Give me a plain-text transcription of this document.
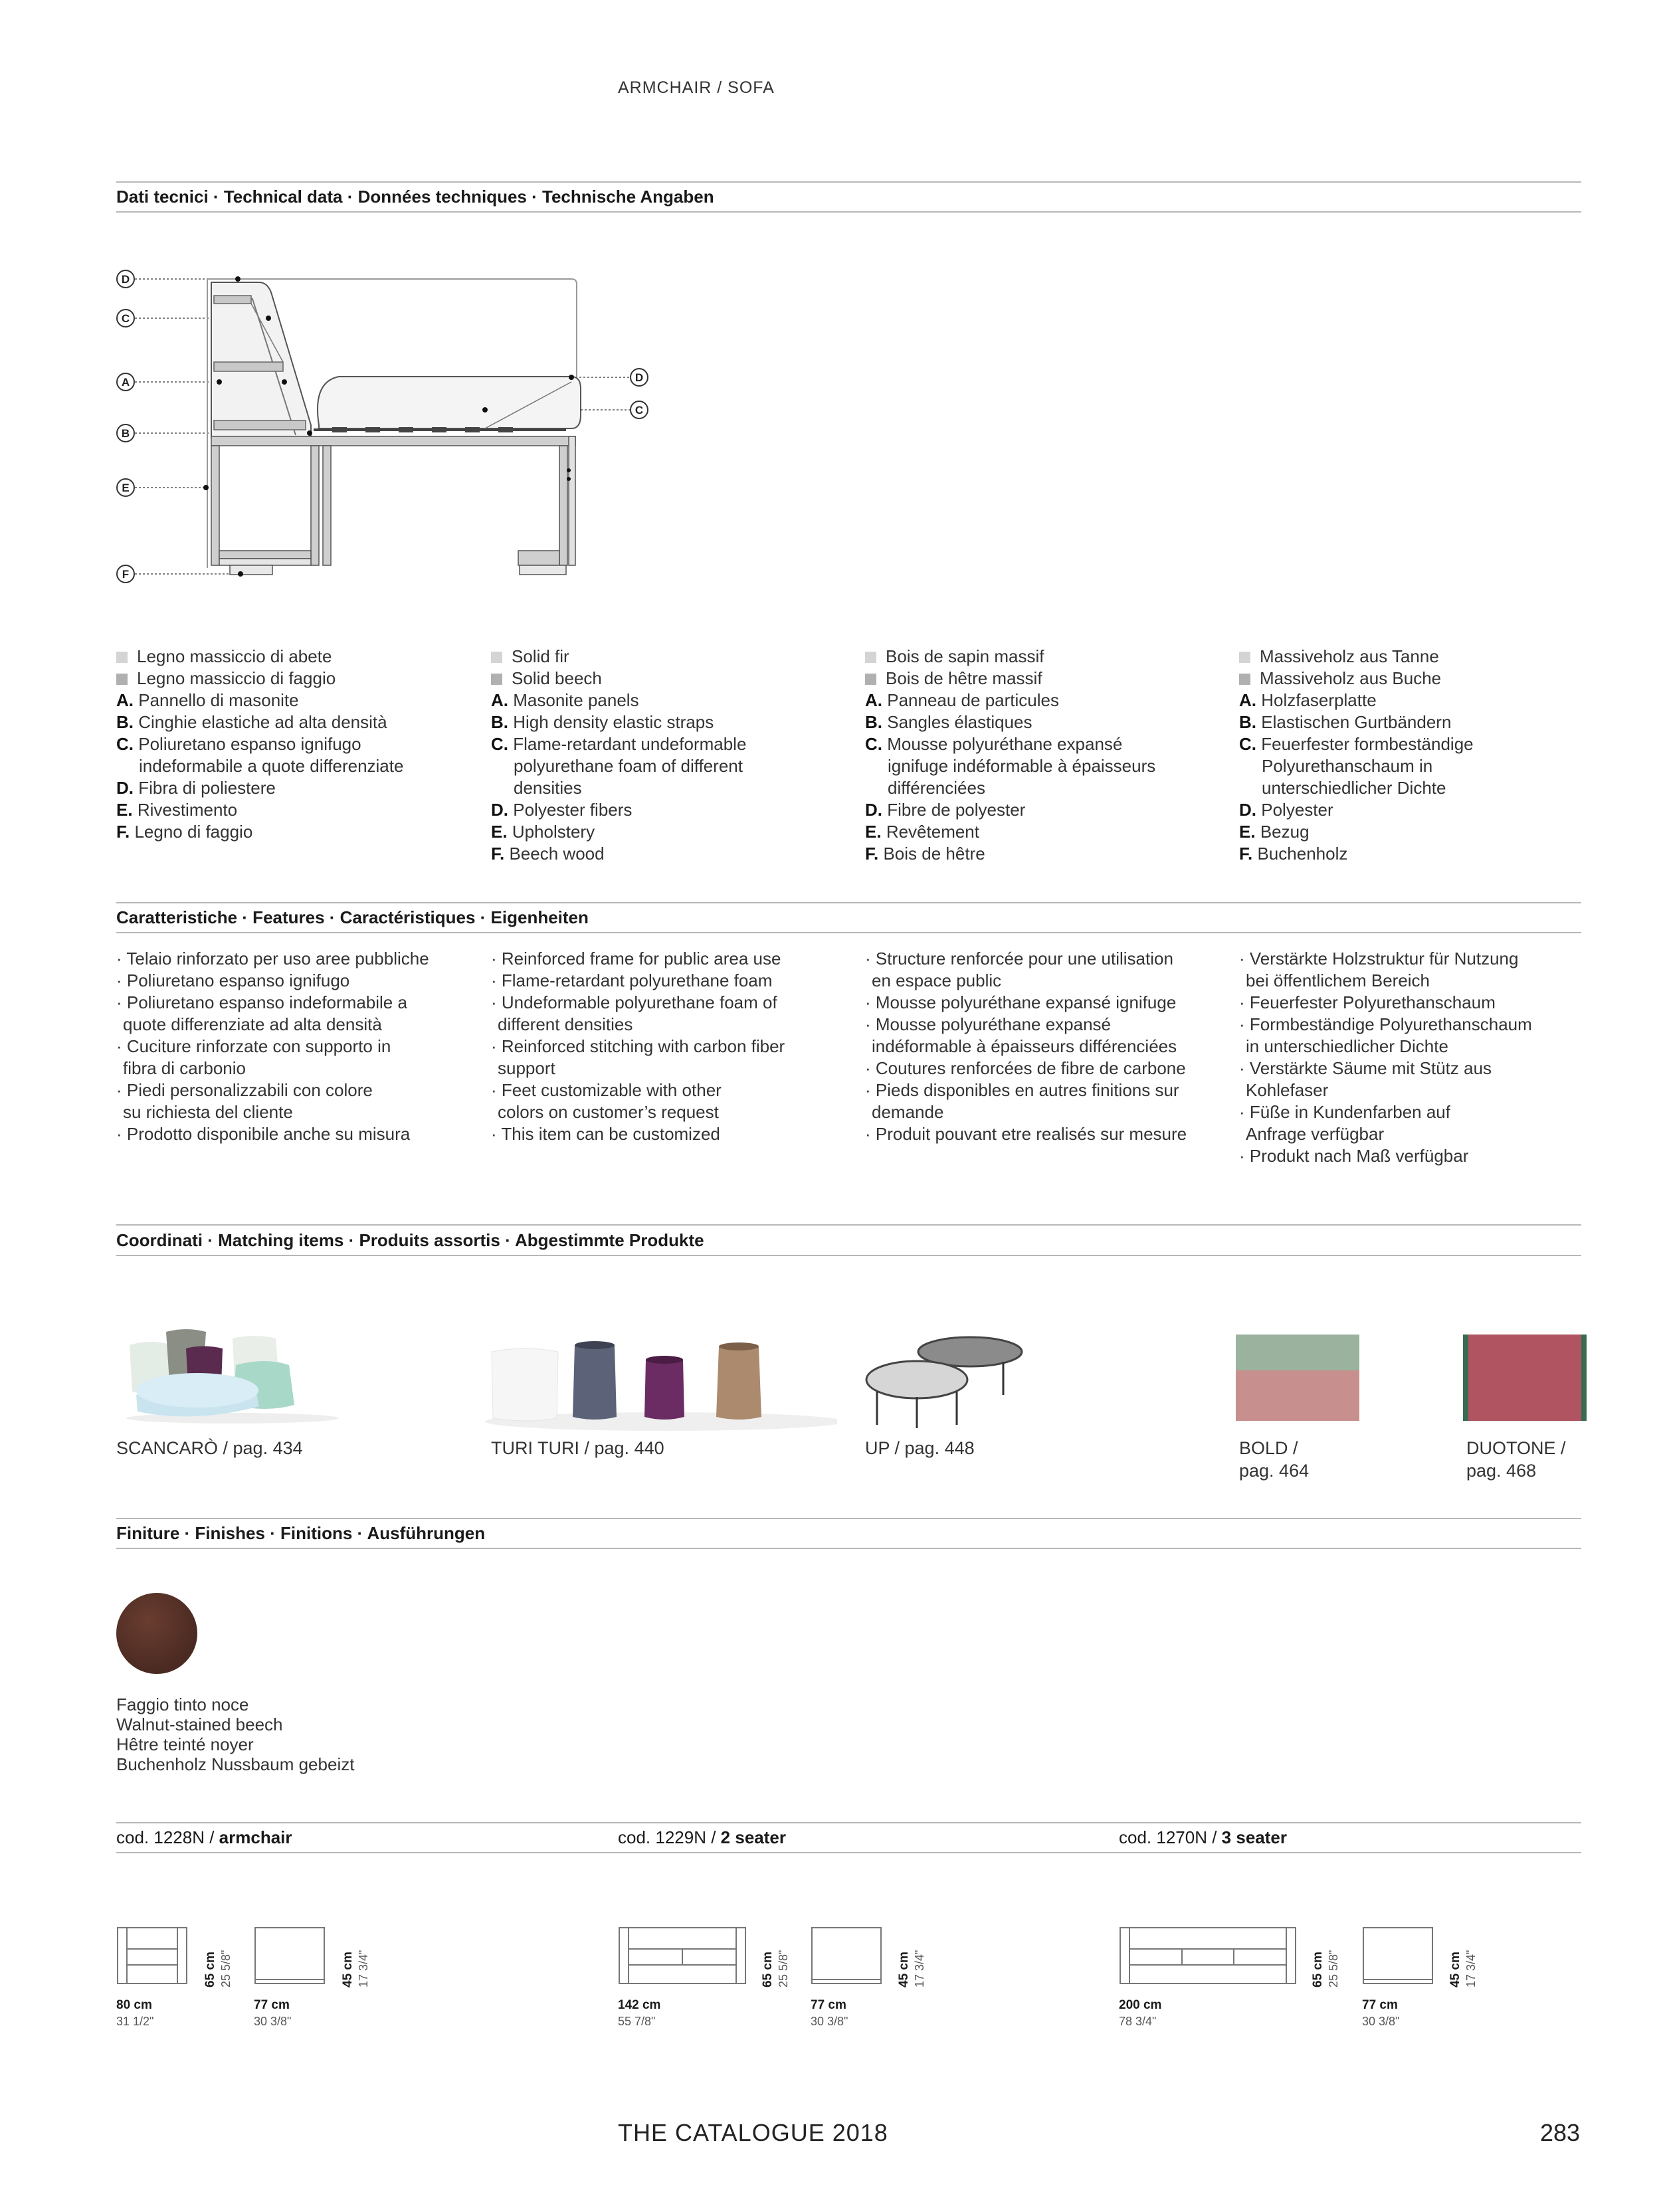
ARMCHAIR / SOFA
Dati tecnici · Technical data · Données techniques · Technische Angaben
D
C
A
B
E
F
D
C
Legno massiccio di abete
Legno massiccio di faggio
A. Pannello di masonite
B. Cinghie elastiche ad alta densità
C. Poliuretano espanso ignifugo
indeformabile a quote differenziate
D. Fibra di poliestere
E. Rivestimento
F. Legno di faggio
Solid fir
Solid beech
A. Masonite panels
B. High density elastic straps
C. Flame-retardant undeformable
polyurethane foam of different
densities
D. Polyester fibers
E. Upholstery
F. Beech wood
Bois de sapin massif
Bois de hêtre massif
A. Panneau de particules
B. Sangles élastiques
C. Mousse polyuréthane expansé
ignifuge indéformable à épaisseurs
différenciées
D. Fibre de polyester
E. Revêtement
F. Bois de hêtre
Massiveholz aus Tanne
Massiveholz aus Buche
A. Holzfaserplatte
B. Elastischen Gurtbändern
C. Feuerfester formbeständige
Polyurethanschaum in
unterschiedlicher Dichte
D. Polyester
E. Bezug
F. Buchenholz
Caratteristiche · Features · Caractéristiques · Eigenheiten
· Telaio rinforzato per uso aree pubbliche
· Poliuretano espanso ignifugo
· Poliuretano espanso indeformabile a
quote differenziate ad alta densità
· Cuciture rinforzate con supporto in
fibra di carbonio
· Piedi personalizzabili con colore
su richiesta del cliente
· Prodotto disponibile anche su misura
· Reinforced frame for public area use
· Flame-retardant polyurethane foam
· Undeformable polyurethane foam of
different densities
· Reinforced stitching with carbon fiber
support
· Feet customizable with other
colors on customer’s request
· This item can be customized
· Structure renforcée pour une utilisation
en espace public
· Mousse polyuréthane expansé ignifuge
· Mousse polyuréthane expansé
indéformable à épaisseurs différenciées
· Coutures renforcées de fibre de carbone
· Pieds disponibles en autres finitions sur
demande
· Produit pouvant etre realisés sur mesure
· Verstärkte Holzstruktur für Nutzung
bei öffentlichem Bereich
· Feuerfester Polyurethanschaum
· Formbeständige Polyurethanschaum
in unterschiedlicher Dichte
· Verstärkte Säume mit Stütz aus
Kohlefaser
· Füße in Kundenfarben auf
Anfrage verfügbar
· Produkt nach Maß verfügbar
Coordinati · Matching items · Produits assortis · Abgestimmte Produkte
SCANCARÒ / pag. 434	TURI TURI / pag. 440	UP / pag. 448	BOLD /
pag. 464
DUOTONE /
pag. 468
Finiture · Finishes · Finitions · Ausführungen
Faggio tinto noce
Walnut-stained beech
Hêtre teinté noyer
Buchenholz Nussbaum gebeizt
cod. 1228N / armchair	cod. 1229N / 2 seater	cod. 1270N / 3 seater
65 cm 25 5/8"	45 cm 17 3/4"
80 cm
31 1/2"
77 cm
30 3/8"
65 cm 25 5/8"	45 cm 17 3/4"
142 cm
55 7/8"
77 cm
30 3/8"
65 cm 25 5/8"	45 cm 17 3/4"
200 cm
78 3/4"
77 cm
30 3/8"
THE CATALOGUE 2018	283
